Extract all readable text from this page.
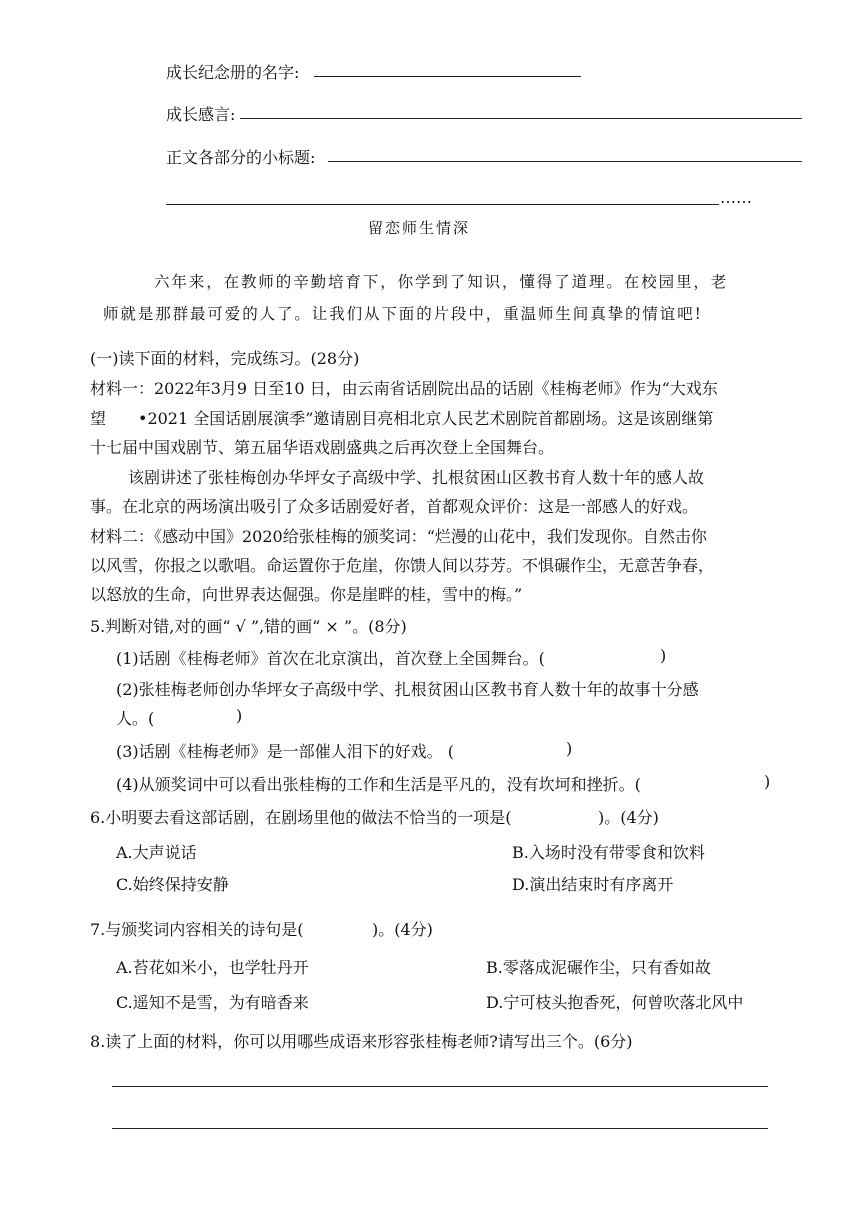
成长纪念册的名字:
成长感言:
正文各部分的小标题:
……
留恋师生情深
六年来，在教师的辛勤培育下，你学到了知识，懂得了道理。在校园里，老
师就是那群最可爱的人了。让我们从下面的片段中，重温师生间真挚的情谊吧!
(一)读下面的材料，完成练习。(28分)
材料一：2022年3月9 日至10 日，由云南省话剧院出品的话剧《桂梅老师》作为“大戏东
望 •2021 全国话剧展演季”邀请剧目亮相北京人民艺术剧院首都剧场。这是该剧继第
十七届中国戏剧节、第五届华语戏剧盛典之后再次登上全国舞台。
该剧讲述了张桂梅创办华坪女子高级中学、扎根贫困山区教书育人数十年的感人故
事。在北京的两场演出吸引了众多话剧爱好者，首都观众评价：这是一部感人的好戏。
材料二：《感动中国》2020给张桂梅的颁奖词：“烂漫的山花中，我们发现你。自然击你
以风雪，你报之以歌唱。命运置你于危崖，你馈人间以芬芳。不惧碾作尘，无意苦争春，
以怒放的生命，向世界表达倔强。你是崖畔的桂，雪中的梅。”
5.判断对错,对的画“ √ ”,错的画“ × ”。(8分)
(1)话剧《桂梅老师》首次在北京演出，首次登上全国舞台。(	)
(2)张桂梅老师创办华坪女子高级中学、扎根贫困山区教书育人数十年的故事十分感
人。(	)
(3)话剧《桂梅老师》是一部催人泪下的好戏。 (	)
(4)从颁奖词中可以看出张桂梅的工作和生活是平凡的，没有坎坷和挫折。(	)
6.小明要去看这部话剧，在剧场里他的做法不恰当的一项是(	)。(4分)
A.大声说话	B.入场时没有带零食和饮料
C.始终保持安静	D.演出结束时有序离开
7.与颁奖词内容相关的诗句是(	)。(4分)
A.苔花如米小，也学牡丹开	B.零落成泥碾作尘，只有香如故
C.遥知不是雪，为有暗香来	D.宁可枝头抱香死，何曾吹落北风中
8.读了上面的材料，你可以用哪些成语来形容张桂梅老师?请写出三个。(6分)
